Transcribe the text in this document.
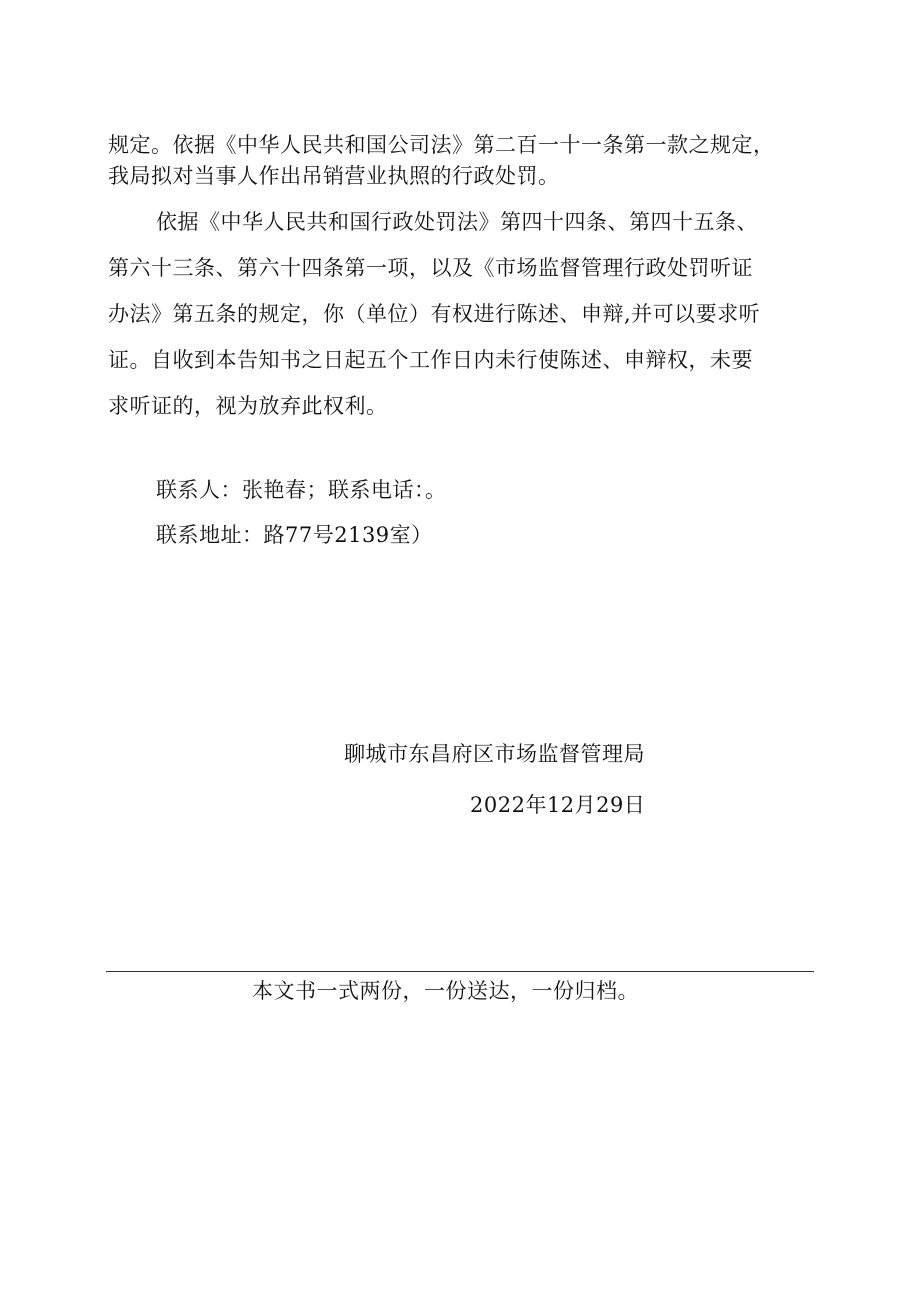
规定。依据《中华人民共和国公司法》第二百一十一条第一款之规定，
我局拟对当事人作出吊销营业执照的行政处罚。
依据《中华人民共和国行政处罚法》第四十四条、第四十五条、
第六十三条、第六十四条第一项，以及《市场监督管理行政处罚听证
办法》第五条的规定，你（单位）有权进行陈述、申辩,并可以要求听
证。自收到本告知书之日起五个工作日内未行使陈述、申辩权，未要
求听证的，视为放弃此权利。
联系人：张艳春；联系电话：。
联系地址：路77号2139室）
聊城市东昌府区市场监督管理局
2022年12月29日
本文书一式两份，一份送达，一份归档。
